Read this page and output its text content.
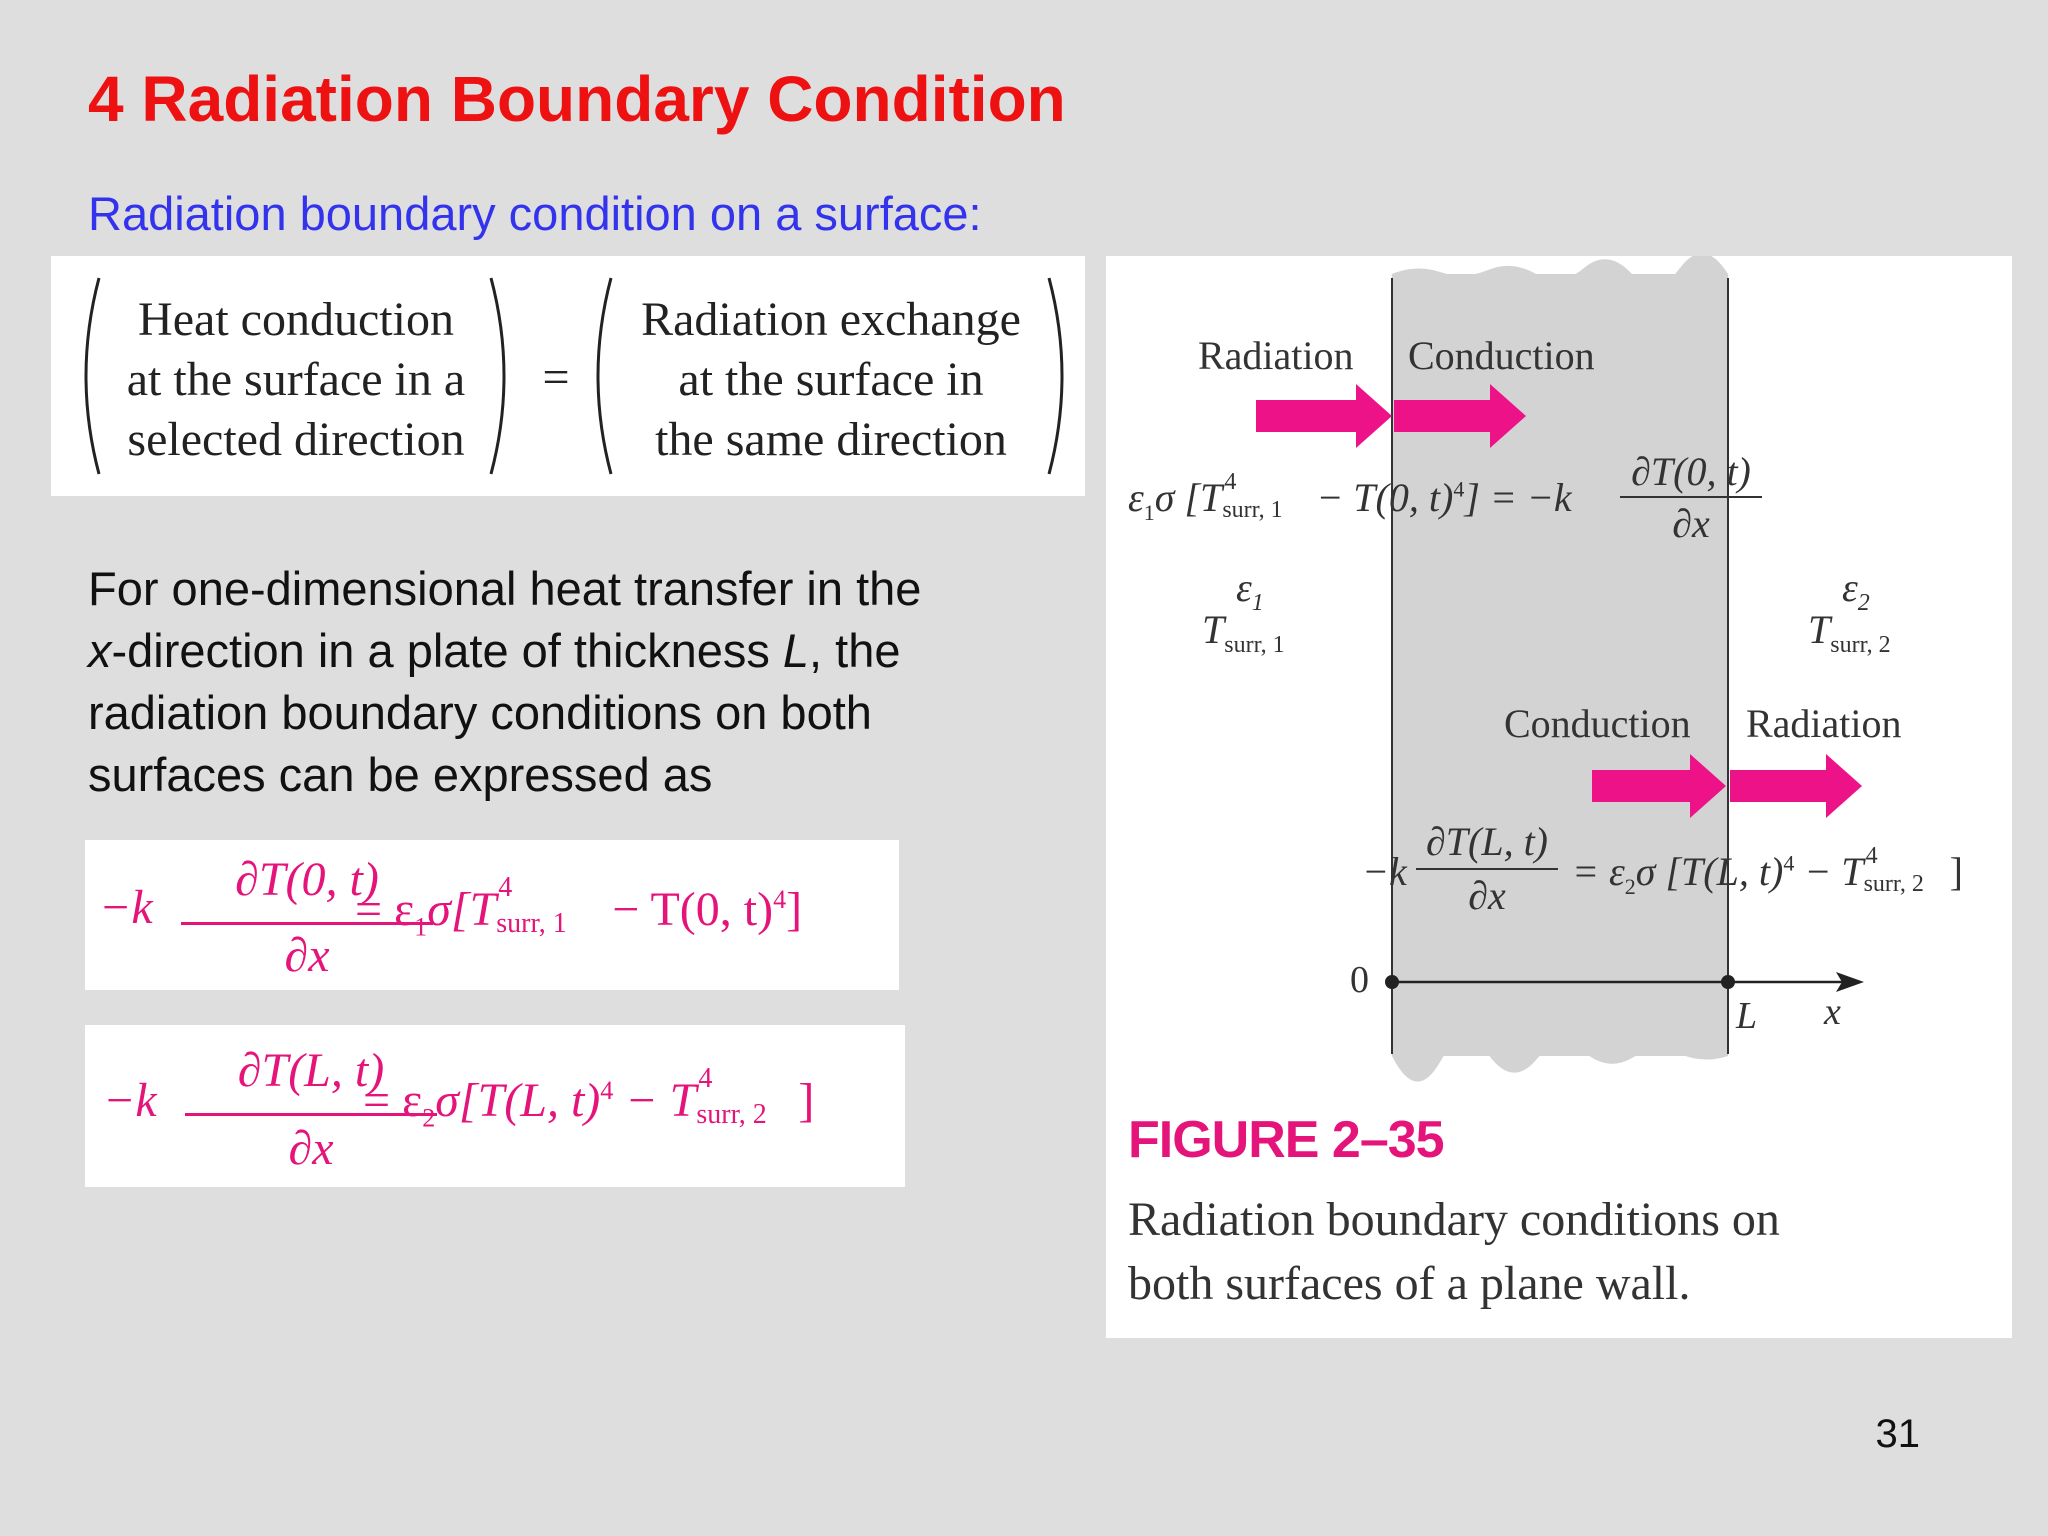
4 Radiation Boundary Condition
Radiation boundary condition on a surface:
Heat conduction
at the surface in a
selected direction
=
Radiation exchange
at the surface in
the same direction
For one-dimensional heat transfer in the
x-direction in a plate of thickness L, the
radiation boundary conditions on both
surfaces can be expressed as
−k
∂T(0, t)
∂x
= $\varepsilon_1\sigma[T$ 4
surr, 1 − T(0, t)$^4$]
−k
∂T(L, t)
∂x
= $\varepsilon_2\sigma[T(L$, t)$^4$ − T 4
surr, 2 ]
Radiation Conduction
$\varepsilon_1\sigma$ [T 4
surr, 1 − T(0, t)$^4$] = −k
∂T(0, t)
∂x
$\varepsilon_1$
$T_{surr, 1}$
$\varepsilon_2$
$T_{surr, 2}$
Conduction Radiation
−k
∂T(L, t)
∂x
= $\varepsilon_2\sigma$ [T(L, t)$^4$ − T 4
surr, 2 ]
0
L x
FIGURE 2–35
Radiation boundary conditions on
both surfaces of a plane wall.
31
